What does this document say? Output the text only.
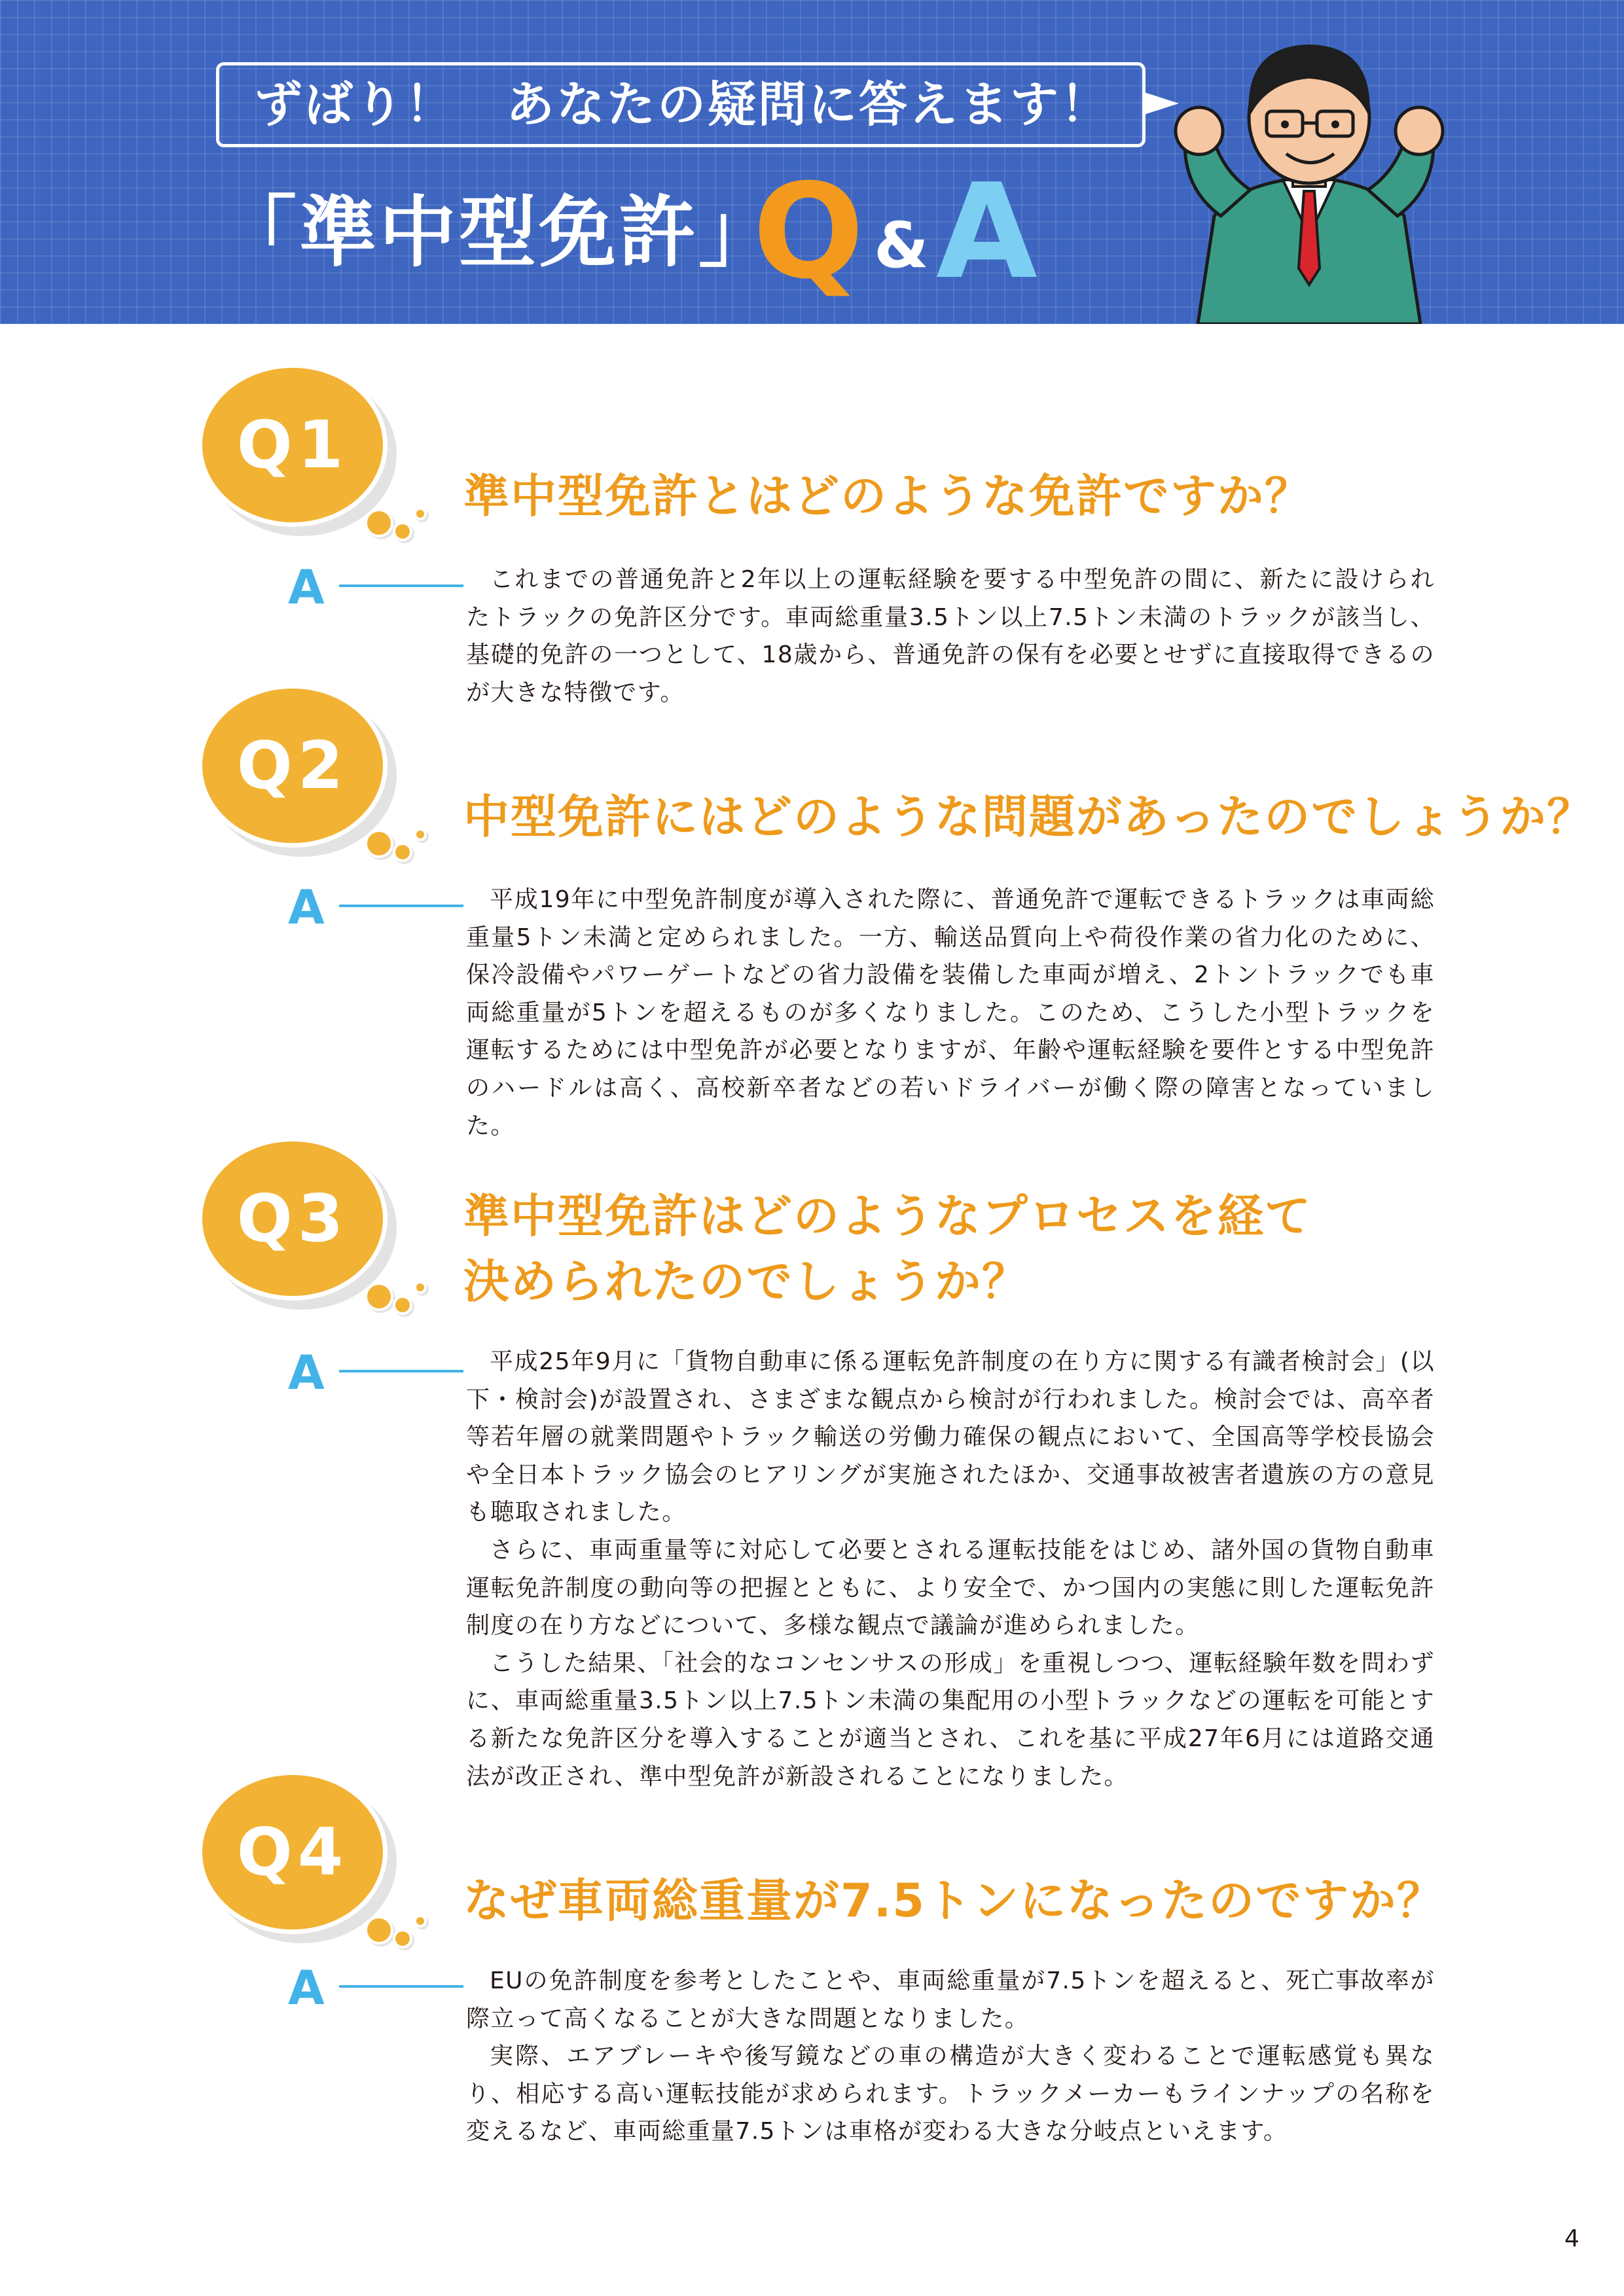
ずばり！　あなたの疑問に答えます！
「準中型免許」
Q & A
Q1
準中型免許とはどのような免許ですか？
A	これまでの普通免許と2年以上の運転経験を要する中型免許の間に、新たに設けられたトラックの免許区分です。車両総重量3.5トン以上7.5トン未満のトラックが該当し、基礎的免許の一つとして、18歳から、普通免許の保有を必要とせずに直接取得できるのが大きな特徴です。

Q2
中型免許にはどのような問題があったのでしょうか？
A	平成19年に中型免許制度が導入された際に、普通免許で運転できるトラックは車両総重量5トン未満と定められました。一方、輸送品質向上や荷役作業の省力化のために、保冷設備やパワーゲートなどの省力設備を装備した車両が増え、2トントラックでも車両総重量が5トンを超えるものが多くなりました。このため、こうした小型トラックを運転するためには中型免許が必要となりますが、年齢や運転経験を要件とする中型免許のハードルは高く、高校新卒者などの若いドライバーが働く際の障害となっていました。

Q3	準中型免許はどのようなプロセスを経て
決められたのでしょうか？
A	平成25年9月に「貨物自動車に係る運転免許制度の在り方に関する有識者検討会」(以下・検討会)が設置され、さまざまな観点から検討が行われました。検討会では、高卒者等若年層の就業問題やトラック輸送の労働力確保の観点において、全国高等学校長協会や全日本トラック協会のヒアリングが実施されたほか、交通事故被害者遺族の方の意見も聴取されました。

さらに、車両重量等に対応して必要とされる運転技能をはじめ、諸外国の貨物自動車運転免許制度の動向等の把握とともに、より安全で、かつ国内の実態に則した運転免許制度の在り方などについて、多様な観点で議論が進められました。

こうした結果、「社会的なコンセンサスの形成」を重視しつつ、運転経験年数を問わずに、車両総重量3.5トン以上7.5トン未満の集配用の小型トラックなどの運転を可能とする新たな免許区分を導入することが適当とされ、これを基に平成27年6月には道路交通法が改正され、準中型免許が新設されることになりました。

Q4
なぜ車両総重量が7.5トンになったのですか？
A	EUの免許制度を参考としたことや、車両総重量が7.5トンを超えると、死亡事故率が際立って高くなることが大きな問題となりました。

実際、エアブレーキや後写鏡などの車の構造が大きく変わることで運転感覚も異なり、相応する高い運転技能が求められます。トラックメーカーもラインナップの名称を変えるなど、車両総重量7.5トンは車格が変わる大きな分岐点といえます。

4
